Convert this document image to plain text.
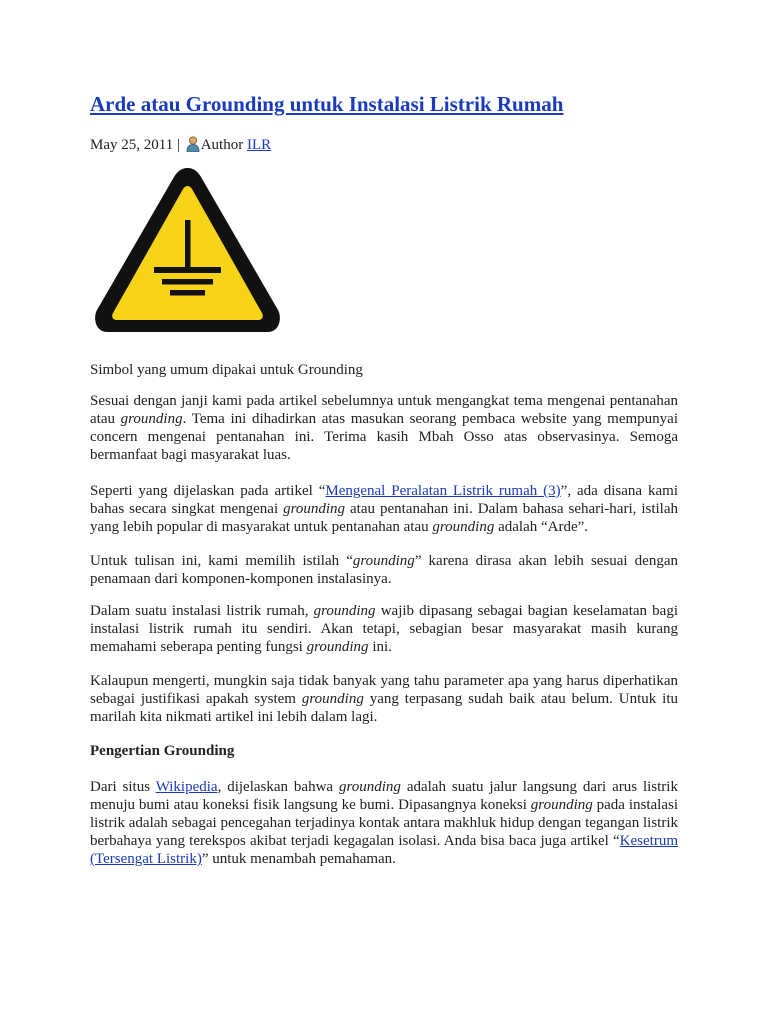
Arde atau Grounding untuk Instalasi Listrik Rumah
May 25, 2011 | Author ILR
Simbol yang umum dipakai untuk Grounding

Sesuai dengan janji kami pada artikel sebelumnya untuk mengangkat tema mengenai pentanahan atau grounding. Tema ini dihadirkan atas masukan seorang pembaca website yang mempunyai concern mengenai pentanahan ini. Terima kasih Mbah Osso atas observasinya. Semoga bermanfaat bagi masyarakat luas.

Seperti yang dijelaskan pada artikel “Mengenal Peralatan Listrik rumah (3)”, ada disana kami bahas secara singkat mengenai grounding atau pentanahan ini. Dalam bahasa sehari-hari, istilah yang lebih popular di masyarakat untuk pentanahan atau grounding adalah “Arde”.

Untuk tulisan ini, kami memilih istilah “grounding” karena dirasa akan lebih sesuai dengan penamaan dari komponen-komponen instalasinya.

Dalam suatu instalasi listrik rumah, grounding wajib dipasang sebagai bagian keselamatan bagi instalasi listrik rumah itu sendiri. Akan tetapi, sebagian besar masyarakat masih kurang memahami seberapa penting fungsi grounding ini.

Kalaupun mengerti, mungkin saja tidak banyak yang tahu parameter apa yang harus diperhatikan sebagai justifikasi apakah system grounding yang terpasang sudah baik atau belum. Untuk itu marilah kita nikmati artikel ini lebih dalam lagi.

Pengertian Grounding

Dari situs Wikipedia, dijelaskan bahwa grounding adalah suatu jalur langsung dari arus listrik menuju bumi atau koneksi fisik langsung ke bumi. Dipasangnya koneksi grounding pada instalasi listrik adalah sebagai pencegahan terjadinya kontak antara makhluk hidup dengan tegangan listrik berbahaya yang terekspos akibat terjadi kegagalan isolasi. Anda bisa baca juga artikel “Kesetrum (Tersengat Listrik)” untuk menambah pemahaman.
